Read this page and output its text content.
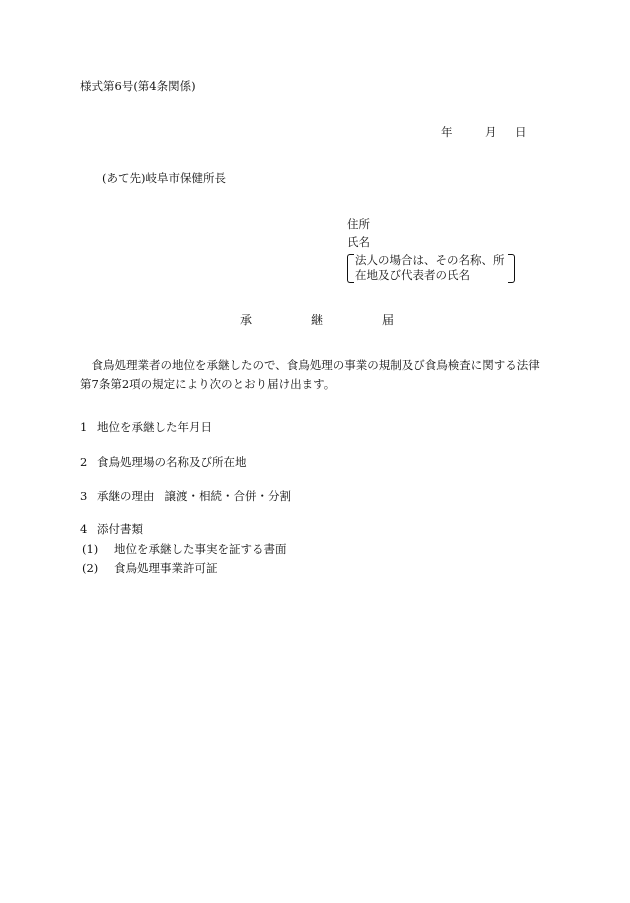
様式第6号(第4条関係)
年	月 日
(あて先)岐阜市保健所長
住所
氏名
法人の場合は、その名称、所
在地及び代表者の氏名
承	継	届
　食鳥処理業者の地位を承継したので、食鳥処理の事業の規制及び食鳥検査に関する法律
第7条第2項の規定により次のとおり届け出ます。
1 地位を承継した年月日
2 食鳥処理場の名称及び所在地
3 承継の理由 譲渡・相続・合併・分割
4 添付書類
(1) 地位を承継した事実を証する書面
(2) 食鳥処理事業許可証
